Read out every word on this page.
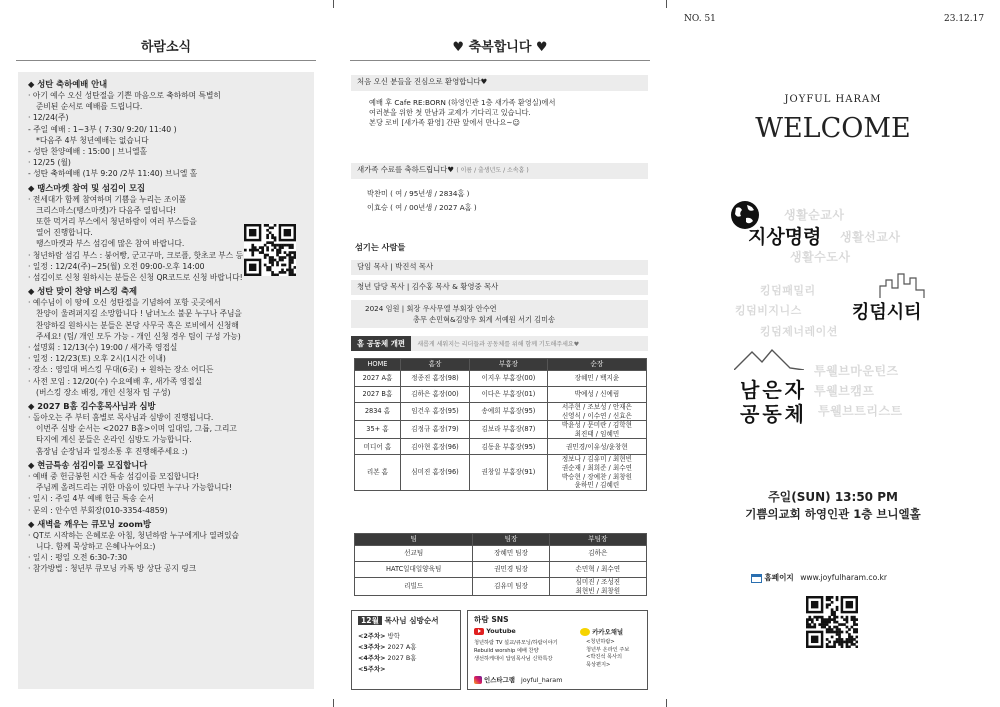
하람소식
◆ 성탄 축하예배 안내
· 아기 예수 오신 성탄절을 기쁜 마음으로 축하하며 특별히
준비된 순서로 예배를 드립니다.
· 12/24(주)
- 주일 예배 : 1~3부 ( 7:30/ 9:20/ 11:40 )
*다음주 4부 청년예배는 없습니다
- 성탄 찬양예배 : 15:00 | 브니엘홀
· 12/25 (월)
- 성탄 축하예배 (1부 9:20 /2부 11:40) 브니엘 홀
◆ 땡스마켓 참여 및 섬김이 모집
· 전세대가 함께 참여하며 기쁨을 누리는 조이풀
크리스마스(땡스마켓)가 다음주 열립니다!
또한 먹거리 부스에서 청년하람이 여러 부스들을
열어 진행합니다.
땡스마켓과 부스 섬김에 많은 참여 바랍니다.
· 청년하람 섬김 부스 : 붕어빵, 군고구마, 크로플, 핫초코 부스 등
· 일정 : 12/24(주)~25(월) 오전 09:00-오후 14:00
· 섬김이로 신청 원하시는 분들은 신청 QR코드로 신청 바랍니다!
◆ 성탄 맞이 찬양 버스킹 축제
· 예수님이 이 땅에 오신 성탄절을 기념하여 포항 곳곳에서
찬양이 울려퍼지길 소망합니다 ! 남녀노소 불문 누구나 주님을
찬양하길 원하시는 분들은 본당 사무국 혹은 로비에서 신청해
주세요! (팀/ 개인 모두 가능 - 개인 신청 경우 팀이 구성 가능)
· 설명회 : 12/13(수) 19:00 / 새가족 영접실
· 일정 : 12/23(토) 오후 2시(1시간 이내)
· 장소 : 영일대 버스킹 무대(6곳) + 원하는 장소 어디든
· 사전 모임 : 12/20(수) 수요예배 후, 새가족 영접실
(버스킹 장소 배정, 개인 신청자 팀 구성)
◆ 2027 B홈 김수홍목사님과 심방
· 돌아오는 주 부터 홈별로 목사님과 심방이 진행됩니다.
이번주 심방 순서는 <2027 B홈>이며 일대일, 그룹, 그리고
타지에 계신 분들은 온라인 심방도 가능합니다.
홈장님 순장님과 일정소통 후 진행해주세요 :)
◆ 현금특송 섬김이를 모집합니다
· 예배 중 헌금봉헌 시간 특송 섬김이를 모집합니다!
주님께 올려드리는 귀한 마음이 있다면 누구나 가능합니다!
· 일시 : 주일 4부 예배 헌금 특송 순서
· 문의 : 안수연 부회장(010-3354-4859)
◆ 새벽을 깨우는 큐모닝 zoom방
· QT로 시작하는 은혜로운 아침, 청년하람 누구에게나 열려있습
니다. 함께 묵상하고 은혜나누어요:)
· 일시 : 평일 오전 6:30-7:30
· 참가방법 : 청년부 큐모닝 카톡 방 상단 공지 링크
♥ 축복합니다 ♥
처음 오신 분들을 진심으로 환영합니다♥
예배 후 Cafe RE:BORN (하영인관 1층 새가족 환영실)에서
여러분을 위한 첫 만남과 교제가 기다리고 있습니다.
본당 로비 [새가족 환영] 간판 앞에서 만나요~☺
새가족 수료를 축하드립니다♥ ( 이름 / 출생년도 / 소속홈 )
박찬미 ( 여 / 95년생 / 2834홈 )
이효승 ( 여 / 00년생 / 2027 A홈 )
섬기는 사람들
담임 목사 | 박진석 목사
청년 담당 목사 | 김수홍 목사 & 황영중 목사
2024 임원 | 회장 우사무엘 부회장 안수연
총무 손민혁&김양우 회계 서예원 서기 김미송
홈 공동체 개편 새롭게 세워지는 리더들과 공동체를 위해 함께 기도해주세요♥
HOME	홈장	부홈장	순장
2027 A홈	정종진 홈장(98)	이지우 부홈장(00)	장혜민 / 백지윤
2027 B홈	김하은 홈장(00)	이다은 부홈장(01)	박예성 / 신예림
2834 홈	임건우 홈장(95)	송예희 부홈장(95)	서주현 / 조보성 / 안재은
신영식 / 이수연 / 신효은
35+ 홈	김정규 홈장(79)	김보라 부홈장(87)	박윤성 / 문미란 / 김학현
최진태 / 임혜민
미디어 홈	김아현 홈장(96)	김동윤 부홈장(95)	권민경/이유성/윤창현
리본 홈	심미진 홈장(96)	권창일 부홈장(91)	정보나 / 김유미 / 최현빈
권순재 / 최희준 / 최수연
박승현 / 장예찬 / 최창원
윤하민 / 김혜린
팀	팀장	부팀장
선교팀	장혜민 팀장	김하은
HATC일대일양육팀	권민경 팀장	손민혁 / 최수연
리빌드	김유미 팀장	심미진 / 조성진
최현빈 / 최창원
12월 목사님 심방순서
<2주차> 방학
<3주차> 2027 A홈
<4주차> 2027 B홈
<5주차>
하람 SNS
Youtube
청년하람 TV 설교/큐모닝/하람이야기
Rebuild worship 예배 찬양
생선하케대이 답임목사님 신학특강
카카오채널
<청년하람>
청년부 온라인 주보
<박진석 목사의
묵상편지>
인스타그램 joyful_haram
NO. 51	23.12.17
JOYFUL HARAM
WELCOME
생활순교사
지상명령 생활선교사
생활수도사
킹덤패밀리
킹덤비지니스	킹덤시티
킹덤제너레이션
남은자
공동체
투웰브마운틴즈
투웰브캠프
투웰브트리스트
주일(SUN) 13:50 PM
기쁨의교회 하영인관 1층 브니엘홀
홈페이지 www.joyfulharam.co.kr
